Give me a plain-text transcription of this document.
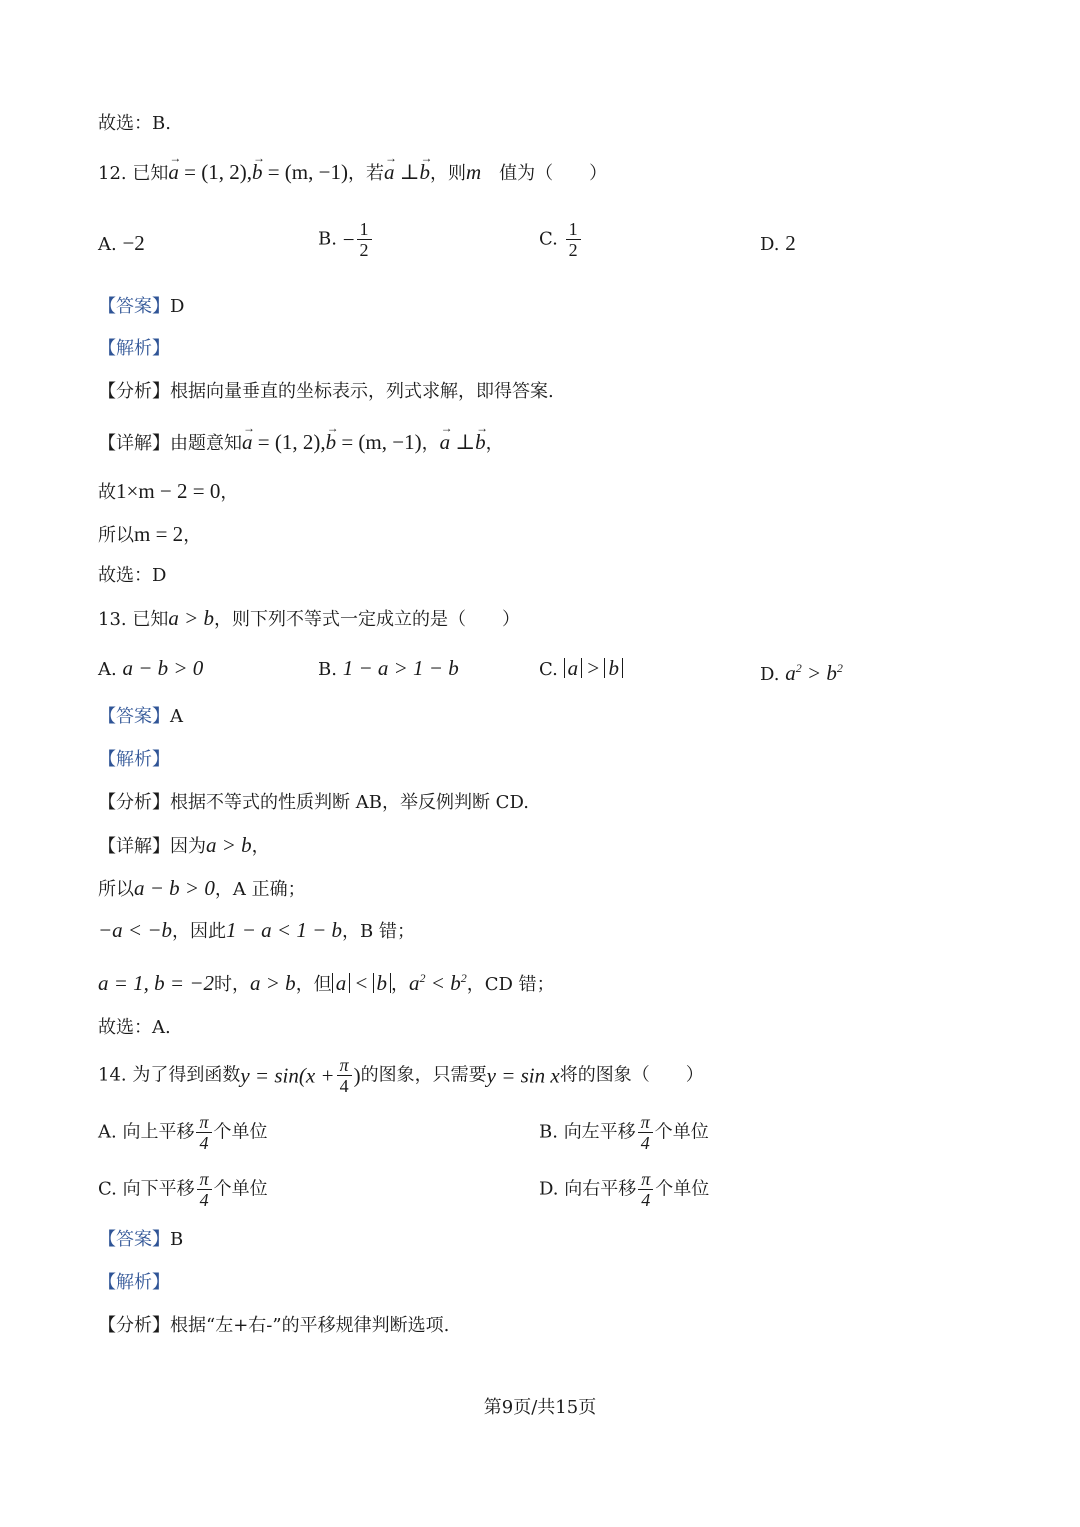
故选：B.
12. 已知a → = (1, 2),b → = (m, −1)，若a → ⊥b →，则m　 值为（　　）
A. −2	B. − $\frac{1}{2}$	C. $\frac{1}{2}$	D. 2
【答案】D
【解析】
【分析】根据向量垂直的坐标表示，列式求解，即得答案.
【详解】由题意知a → = (1, 2),b → = (m, −1)，a → ⊥b →，
故1×m − 2 = 0，
所以m = 2，
故选：D
13. 已知a > b，则下列不等式一定成立的是（　　）
A. a − b > 0	B. 1 − a > 1 − b	C. a > b	D. $a^2 > b^2$
【答案】A
【解析】
【分析】根据不等式的性质判断 AB，举反例判断 CD.
【详解】因为a > b，
所以a − b > 0，A 正确；
−a < −b，因此1 − a < 1 − b，B 错；
a = 1, b = −2时，a > b，但 a < b ，$a^2 < b^2$，CD 错；
故选：A.
14. 为了得到函数$y = \sin(x + \frac{\pi}{4}$ )的图象，只需要y = sin x将的图象（　　）
A. 向上平移 $\frac{\pi}{4}$ 个单位	B. 向左平移 $\frac{\pi}{4}$ 个单位
C. 向下平移 $\frac{\pi}{4}$ 个单位	D. 向右平移 $\frac{\pi}{4}$ 个单位
【答案】B
【解析】
【分析】根据“左+右-”的平移规律判断选项.
第9页/共15页
